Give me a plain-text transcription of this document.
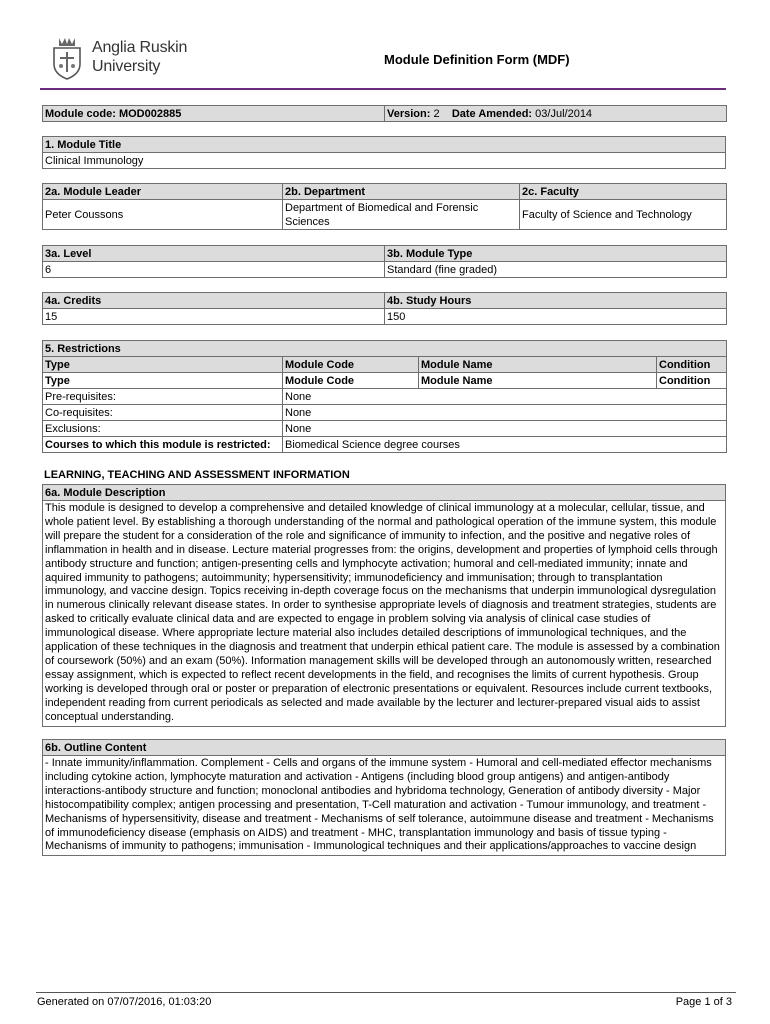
Anglia Ruskin
University	Module Definition Form (MDF)
Module code: MOD002885	Version: 2 Date Amended: 03/Jul/2014
1. Module Title
Clinical Immunology
2a. Module Leader	2b. Department	2c. Faculty
Peter Coussons	Department of Biomedical and Forensic Sciences	Faculty of Science and Technology
3a. Level	3b. Module Type
6	Standard (fine graded)
4a. Credits	4b. Study Hours
15	150
5. Restrictions			
Type	Module Code	Module Name	Condition
Type	Module Code	Module Name	Condition
Pre-requisites:	None		
Co-requisites:	None		
Exclusions:	None		
Courses to which this module is restricted:	Biomedical Science degree courses		
LEARNING, TEACHING AND ASSESSMENT INFORMATION
6a. Module Description
This module is designed to develop a comprehensive and detailed knowledge of clinical immunology at a molecular, cellular, tissue, and whole patient level. By establishing a thorough understanding of the normal and pathological operation of the immune system, this module will prepare the student for a consideration of the role and significance of immunity to infection, and the positive and negative roles of inflammation in health and in disease. Lecture material progresses from: the origins, development and properties of lymphoid cells through antibody structure and function; antigen-presenting cells and lymphocyte activation; humoral and cell-mediated immunity; innate and aquired immunity to pathogens; autoimmunity; hypersensitivity; immunodeficiency and immunisation; through to transplantation immunology, and vaccine design. Topics receiving in-depth coverage focus on the mechanisms that underpin immunological dysregulation in numerous clinically relevant disease states. In order to synthesise appropriate levels of diagnosis and treatment strategies, students are asked to critically evaluate clinical data and are expected to engage in problem solving via analysis of clinical case studies of immunological disease. Where appropriate lecture material also includes detailed descriptions of immunological techniques, and the application of these techniques in the diagnosis and treatment that underpin ethical patient care. The module is assessed by a combination of coursework (50%) and an exam (50%). Information management skills will be developed through an autonomously written, researched essay assignment, which is expected to reflect recent developments in the field, and recognises the limits of current hypothesis. Group working is developed through oral or poster or preparation of electronic presentations or equivalent. Resources include current textbooks, independent reading from current periodicals as selected and made available by the lecturer and lecturer-prepared visual aids to assist conceptual understanding.
6b. Outline Content
- Innate immunity/inflammation. Complement - Cells and organs of the immune system - Humoral and cell-mediated effector mechanisms including cytokine action, lymphocyte maturation and activation - Antigens (including blood group antigens) and antigen-antibody interactions-antibody structure and function; monoclonal antibodies and hybridoma technology, Generation of antibody diversity - Major histocompatibility complex; antigen processing and presentation, T-Cell maturation and activation - Tumour immunology, and treatment - Mechanisms of hypersensitivity, disease and treatment - Mechanisms of self tolerance, autoimmune disease and treatment - Mechanisms of immunodeficiency disease (emphasis on AIDS) and treatment - MHC, transplantation immunology and basis of tissue typing - Mechanisms of immunity to pathogens; immunisation - Immunological techniques and their applications/approaches to vaccine design
Generated on 07/07/2016, 01:03:20	Page 1 of 3
